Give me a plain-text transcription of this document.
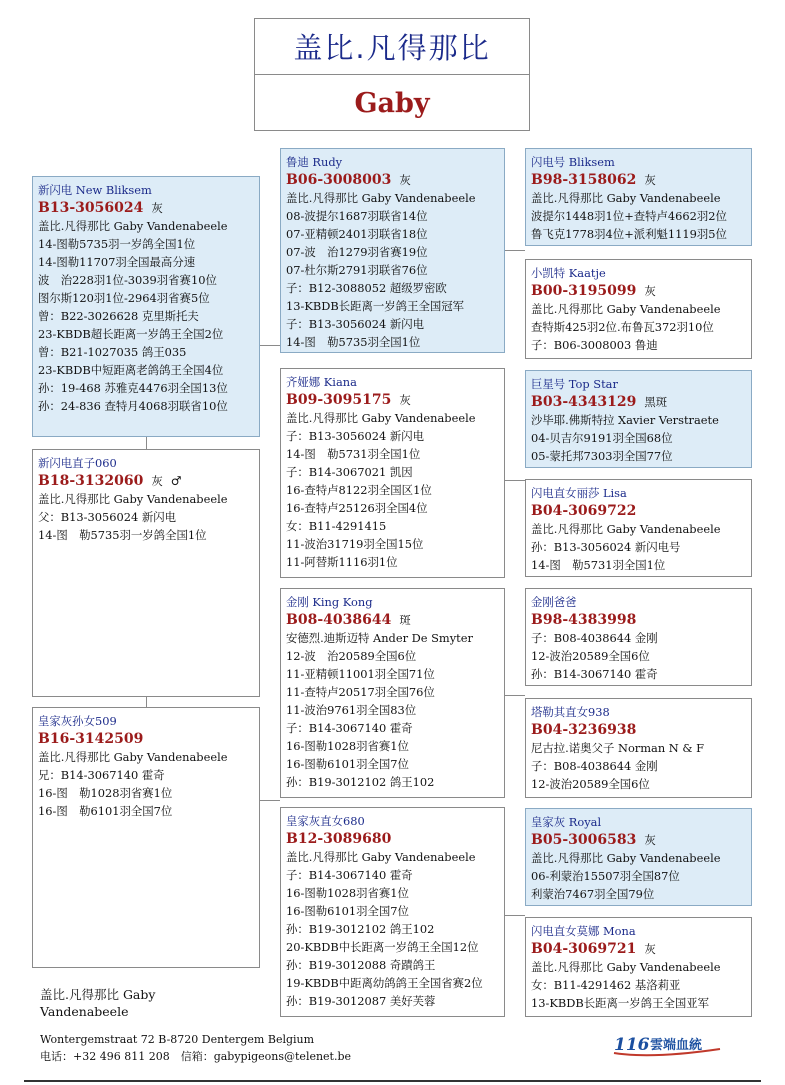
盖比.凡得那比
Gaby
新闪电 New Bliksem
B13-3056024 灰
盖比.凡得那比 Gaby Vandenabeele
14-图勒5735羽一岁鸽全国1位
14-图勒11707羽全国最高分速
波　治228羽1位-3039羽省赛10位
图尔斯120羽1位-2964羽省赛5位
曾：B22-3026628 克里斯托夫
23-KBDB超长距离一岁鸽王全国2位
曾：B21-1027035 鸽王035
23-KBDB中短距离老鸽鸽王全国4位
孙：19-468 苏雅克4476羽全国13位
孙：24-836 查特月4068羽联省10位
新闪电直子060
B18-3132060 灰 ♂
盖比.凡得那比 Gaby Vandenabeele
父：B13-3056024 新闪电
14-图　勒5735羽一岁鸽全国1位
皇家灰孙女509
B16-3142509
盖比.凡得那比 Gaby Vandenabeele
兄：B14-3067140 霍奇
16-图　勒1028羽省赛1位
16-图　勒6101羽全国7位
鲁迪 Rudy
B06-3008003 灰
盖比.凡得那比 Gaby Vandenabeele
08-波提尔1687羽联省14位
07-亚精顿2401羽联省18位
07-波　治1279羽省赛19位
07-杜尔斯2791羽联省76位
子：B12-3088052 超级罗密欧
13-KBDB长距离一岁鸽王全国冠军
子：B13-3056024 新闪电
14-图　勒5735羽全国1位
齐娅娜 Kiana
B09-3095175 灰
盖比.凡得那比 Gaby Vandenabeele
子：B13-3056024 新闪电
14-图　勒5731羽全国1位
子：B14-3067021 凯因
16-查特卢8122羽全国区1位
16-查特卢25126羽全国4位
女：B11-4291415
11-波治31719羽全国15位
11-阿替斯1116羽1位
金刚 King Kong
B08-4038644 斑
安德烈.迪斯迈特 Ander De Smyter
12-波　治20589全国6位
11-亚精顿11001羽全国71位
11-查特卢20517羽全国76位
11-波治9761羽全国83位
子：B14-3067140 霍奇
16-图勒1028羽省赛1位
16-图勒6101羽全国7位
孙：B19-3012102 鸽王102
皇家灰直女680
B12-3089680
盖比.凡得那比 Gaby Vandenabeele
子：B14-3067140 霍奇
16-图勒1028羽省赛1位
16-图勒6101羽全国7位
孙：B19-3012102 鸽王102
20-KBDB中长距离一岁鸽王全国12位
孙：B19-3012088 奇蹟鸽王
19-KBDB中距离幼鸽鸽王全国省赛2位
孙：B19-3012087 美好芙蓉
闪电号 Bliksem
B98-3158062 灰
盖比.凡得那比 Gaby Vandenabeele
波提尔1448羽1位+查特卢4662羽2位
鲁飞克1778羽4位+派利魁1119羽5位
小凯特 Kaatje
B00-3195099 灰
盖比.凡得那比 Gaby Vandenabeele
查特斯425羽2位.布鲁瓦372羽10位
子：B06-3008003 鲁迪
巨星号 Top Star
B03-4343129 黑斑
沙毕耶.佛斯特拉 Xavier Verstraete
04-贝吉尔9191羽全国68位
05-蒙托邦7303羽全国77位
闪电直女丽莎 Lisa
B04-3069722
盖比.凡得那比 Gaby Vandenabeele
孙：B13-3056024 新闪电号
14-图　勒5731羽全国1位
金刚爸爸
B98-4383998
子：B08-4038644 金刚
12-波治20589全国6位
孙：B14-3067140 霍奇
塔勒其直女938
B04-3236938
尼古拉.诺奥父子 Norman N & F
子：B08-4038644 金刚
12-波治20589全国6位
皇家灰 Royal
B05-3006583 灰
盖比.凡得那比 Gaby Vandenabeele
06-利蒙治15507羽全国87位
利蒙治7467羽全国79位
闪电直女莫娜 Mona
B04-3069721 灰
盖比.凡得那比 Gaby Vandenabeele
女：B11-4291462 基洛莉亚
13-KBDB长距离一岁鸽王全国亚军
盖比.凡得那比 Gaby
Vandenabeele
Wontergemstraat 72 B-8720 Dentergem Belgium
电话：+32 496 811 208　信箱：gabypigeons@telenet.be
116 雲端血統
